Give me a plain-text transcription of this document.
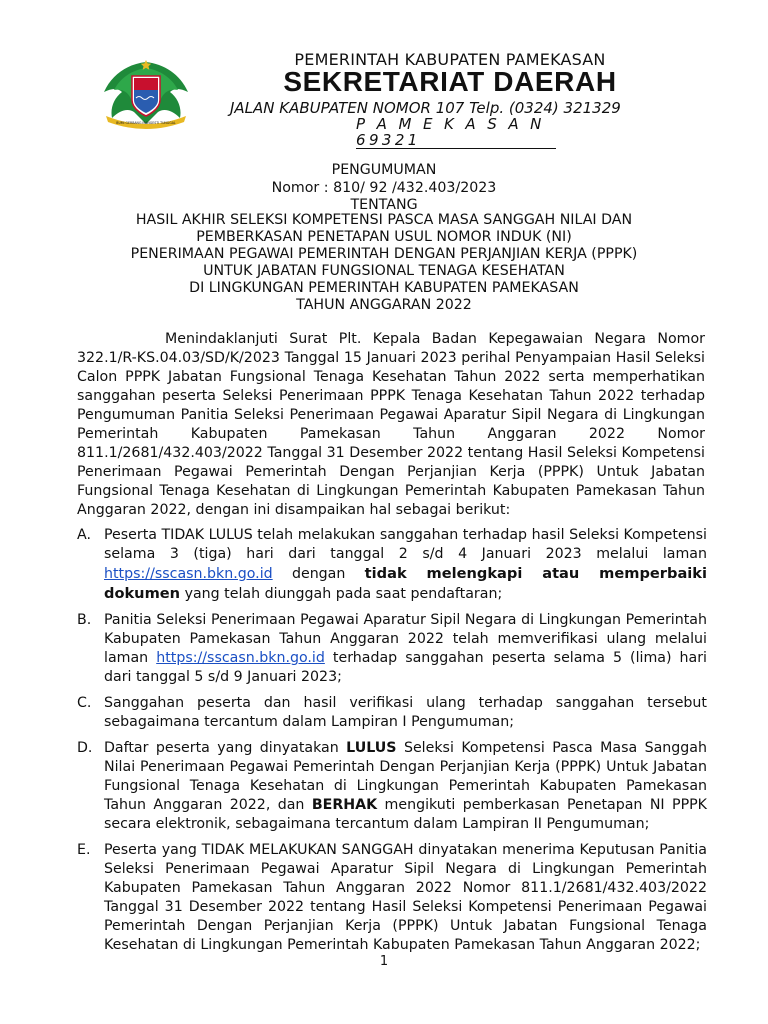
BUMI GERBANG MANGESTI TUNGGAL
PEMERINTAH KABUPATEN PAMEKASAN
SEKRETARIAT DAERAH
JALAN KABUPATEN NOMOR 107 Telp. (0324) 321329
P A M E K A S A N 69321
PENGUMUMAN
Nomor : 810/ 92 /432.403/2023
TENTANG
HASIL AKHIR SELEKSI KOMPETENSI PASCA MASA SANGGAH NILAI DAN
PEMBERKASAN PENETAPAN USUL NOMOR INDUK (NI)
PENERIMAAN PEGAWAI PEMERINTAH DENGAN PERJANJIAN KERJA (PPPK)
UNTUK JABATAN FUNGSIONAL TENAGA KESEHATAN
DI LINGKUNGAN PEMERINTAH KABUPATEN PAMEKASAN
TAHUN ANGGARAN 2022
Menindaklanjuti Surat Plt. Kepala Badan Kepegawaian Negara Nomor 322.1/R-KS.04.03/SD/K/2023 Tanggal 15 Januari 2023 perihal Penyampaian Hasil Seleksi Calon PPPK Jabatan Fungsional Tenaga Kesehatan Tahun 2022 serta memperhatikan sanggahan peserta Seleksi Penerimaan PPPK Tenaga Kesehatan Tahun 2022 terhadap Pengumuman Panitia Seleksi Penerimaan Pegawai Aparatur Sipil Negara di Lingkungan Pemerintah Kabupaten Pamekasan Tahun Anggaran 2022 Nomor 811.1/2681/432.403/2022 Tanggal 31 Desember 2022 tentang Hasil Seleksi Kompetensi Penerimaan Pegawai Pemerintah Dengan Perjanjian Kerja (PPPK) Untuk Jabatan Fungsional Tenaga Kesehatan di Lingkungan Pemerintah Kabupaten Pamekasan Tahun Anggaran 2022, dengan ini disampaikan hal sebagai berikut:
A. Peserta TIDAK LULUS telah melakukan sanggahan terhadap hasil Seleksi Kompetensi selama 3 (tiga) hari dari tanggal 2 s/d 4 Januari 2023 melalui laman https://sscasn.bkn.go.id dengan tidak melengkapi atau memperbaiki dokumen yang telah diunggah pada saat pendaftaran;
B. Panitia Seleksi Penerimaan Pegawai Aparatur Sipil Negara di Lingkungan Pemerintah Kabupaten Pamekasan Tahun Anggaran 2022 telah memverifikasi ulang melalui laman https://sscasn.bkn.go.id terhadap sanggahan peserta selama 5 (lima) hari dari tanggal 5 s/d 9 Januari 2023;
C. Sanggahan peserta dan hasil verifikasi ulang terhadap sanggahan tersebut sebagaimana tercantum dalam Lampiran I Pengumuman;
D. Daftar peserta yang dinyatakan LULUS Seleksi Kompetensi Pasca Masa Sanggah Nilai Penerimaan Pegawai Pemerintah Dengan Perjanjian Kerja (PPPK) Untuk Jabatan Fungsional Tenaga Kesehatan di Lingkungan Pemerintah Kabupaten Pamekasan Tahun Anggaran 2022, dan BERHAK mengikuti pemberkasan Penetapan NI PPPK secara elektronik, sebagaimana tercantum dalam Lampiran II Pengumuman;
E. Peserta yang TIDAK MELAKUKAN SANGGAH dinyatakan menerima Keputusan Panitia Seleksi Penerimaan Pegawai Aparatur Sipil Negara di Lingkungan Pemerintah Kabupaten Pamekasan Tahun Anggaran 2022 Nomor 811.1/2681/432.403/2022 Tanggal 31 Desember 2022 tentang Hasil Seleksi Kompetensi Penerimaan Pegawai Pemerintah Dengan Perjanjian Kerja (PPPK) Untuk Jabatan Fungsional Tenaga Kesehatan di Lingkungan Pemerintah Kabupaten Pamekasan Tahun Anggaran 2022;
1
